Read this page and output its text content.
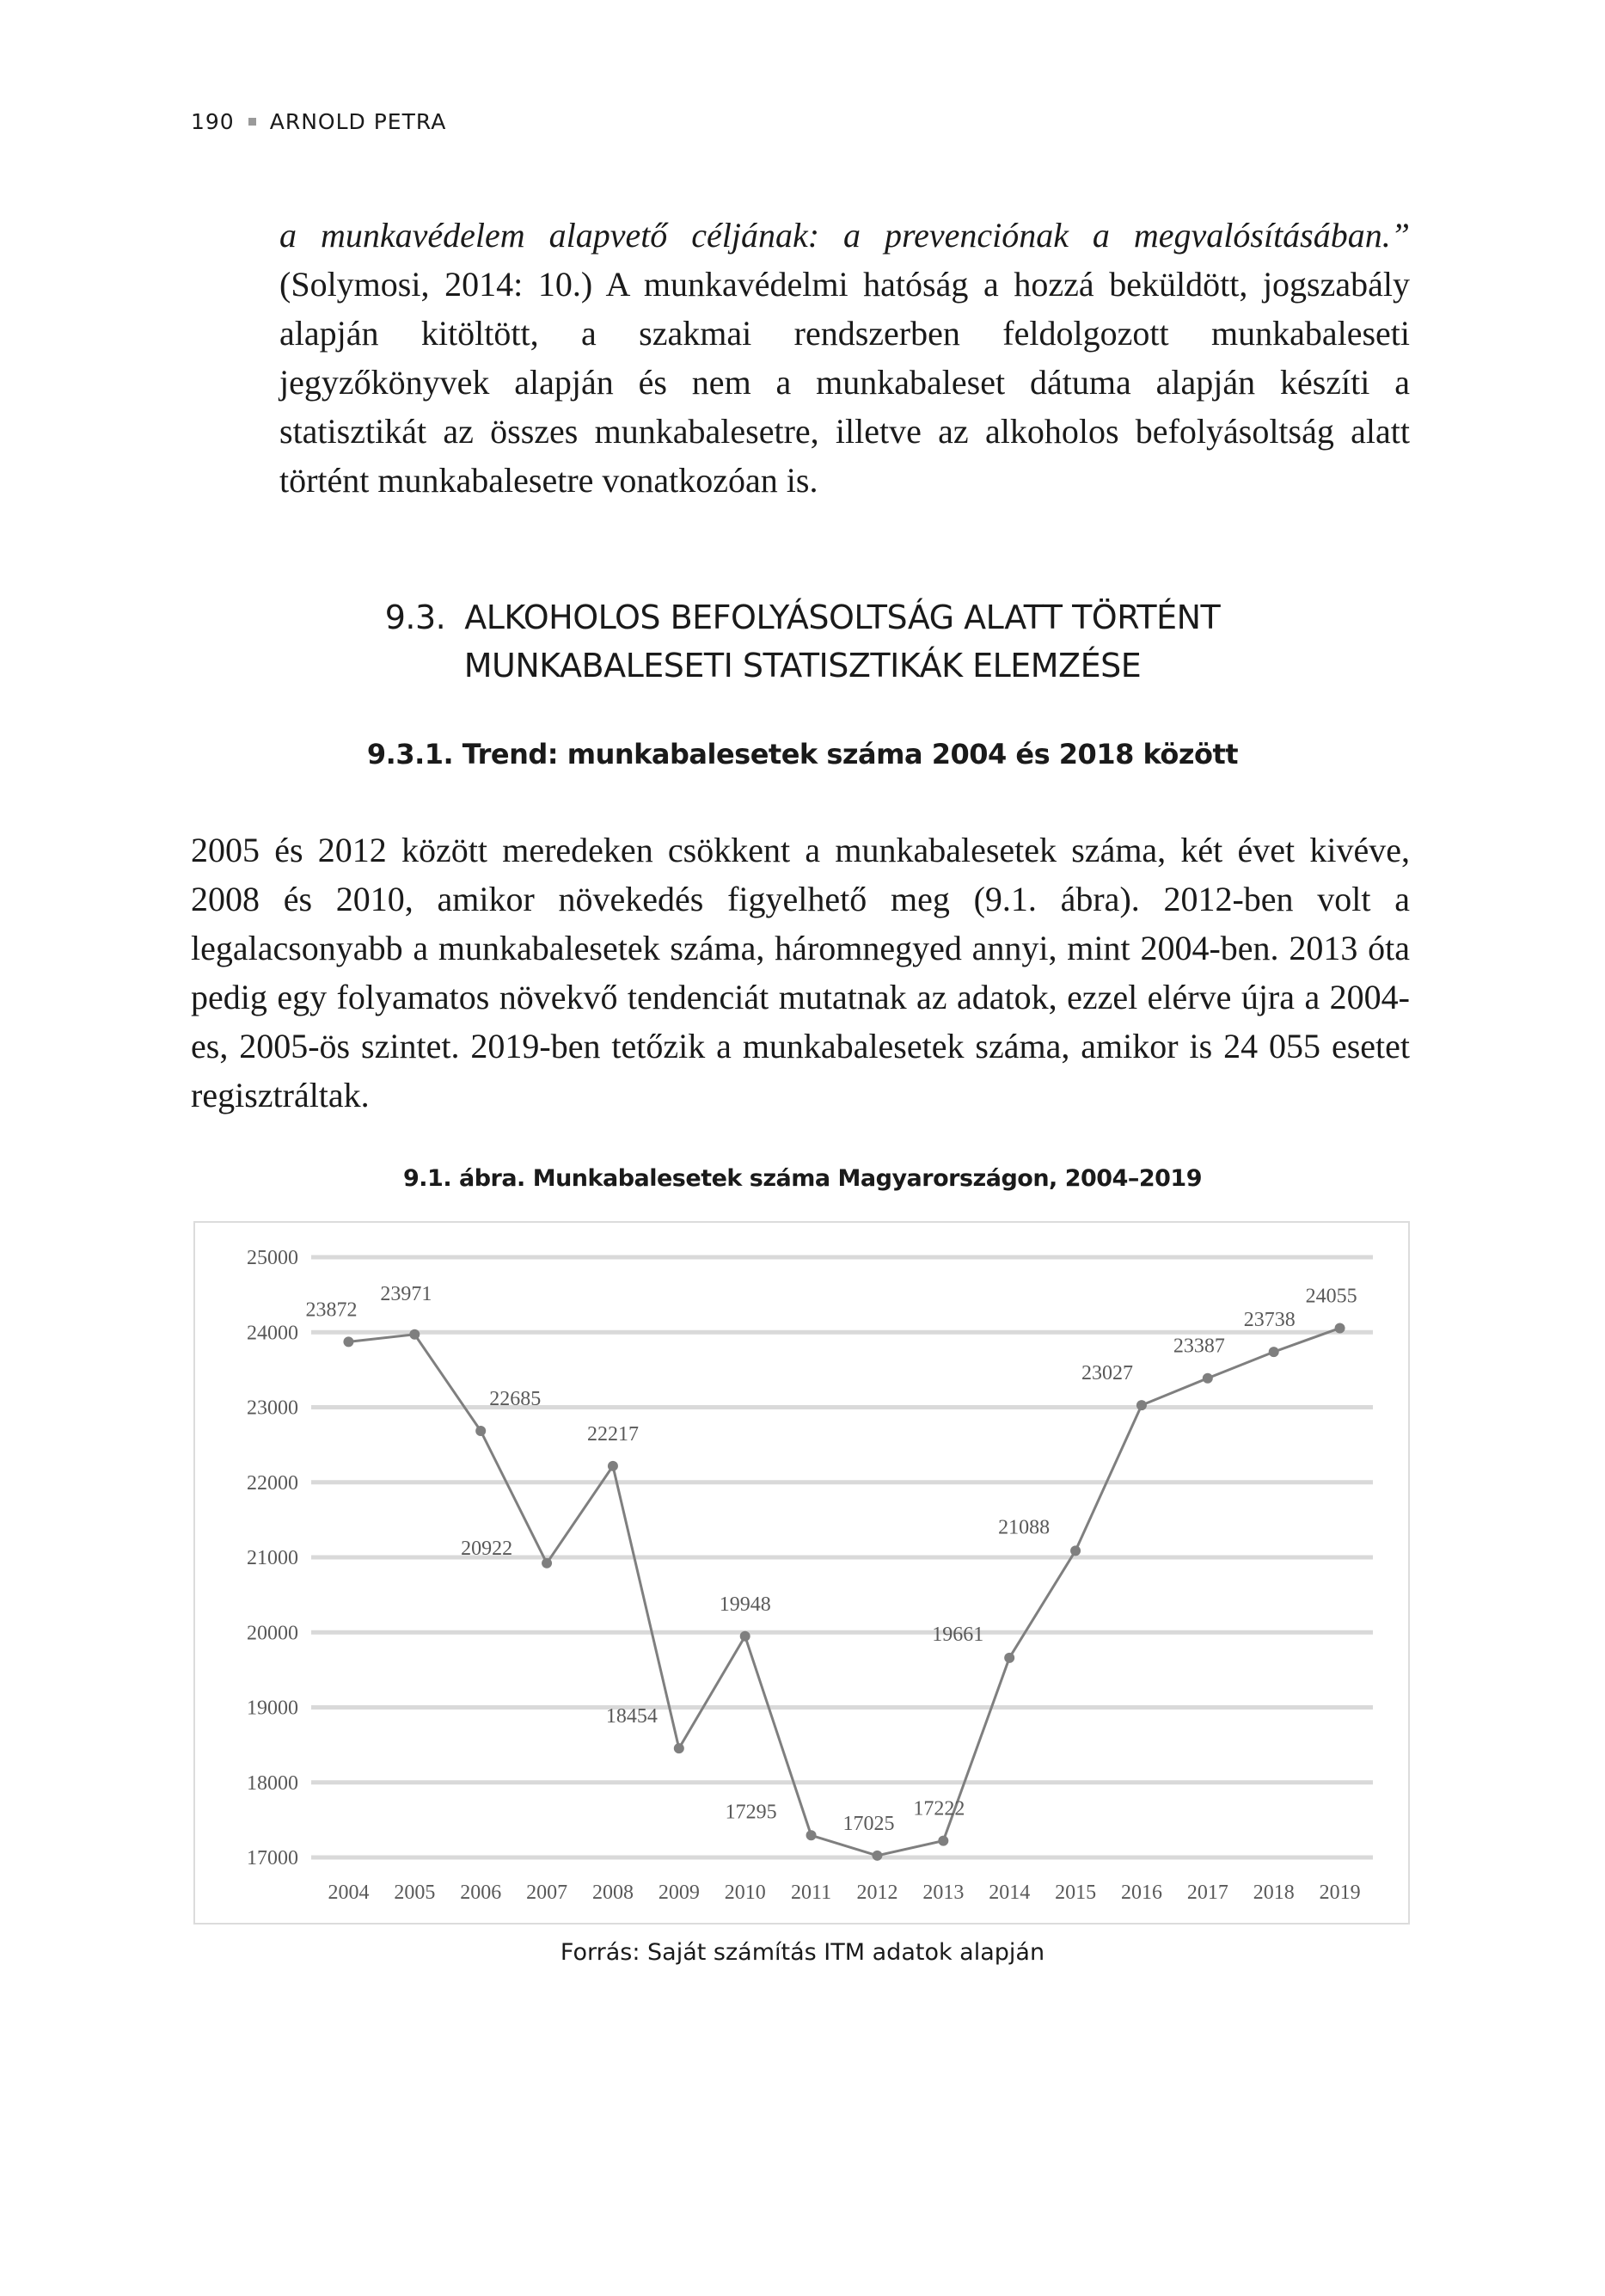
190 ARNOLD PETRA
a munkavédelem alapvető céljának: a prevenciónak a megvalósításában.” (Solymosi, 2014: 10.) A munkavédelmi hatóság a hozzá beküldött, jogszabály alapján kitöltött, a szakmai rendszerben feldolgozott munkabaleseti jegyzőkönyvek alapján és nem a munkabaleset dátuma alapján készíti a statisztikát az összes munkabalesetre, illetve az alkoholos befolyásoltság alatt történt munkabalesetre vonatkozóan is.
9.3. ALKOHOLOS BEFOLYÁSOLTSÁG ALATT TÖRTÉNT
MUNKABALESETI STATISZTIKÁK ELEMZÉSE
9.3.1. Trend: munkabalesetek száma 2004 és 2018 között
2005 és 2012 között meredeken csökkent a munkabalesetek száma, két évet kivéve, 2008 és 2010, amikor növekedés figyelhető meg (9.1. ábra). 2012-ben volt a legalacsonyabb a munkabalesetek száma, háromnegyed annyi, mint 2004-ben. 2013 óta pedig egy folyamatos növekvő tendenciát mutatnak az adatok, ezzel elérve újra a 2004-es, 2005-ös szintet. 2019-ben tetőzik a munkabalesetek száma, amikor is 24 055 esetet regisztráltak.
9.1. ábra. Munkabalesetek száma Magyarországon, 2004–2019
17000
18000
19000
20000
21000
22000
23000
24000
25000
2004 2005 2006 2007 2008 2009 2010 2011 2012 2013 2014 2015 2016 2017 2018 2019
23872
23971
22685
20922
22217
18454
19948
17295
17025
17222
19661
21088
23027
23387
23738
24055
Forrás: Saját számítás ITM adatok alapján
